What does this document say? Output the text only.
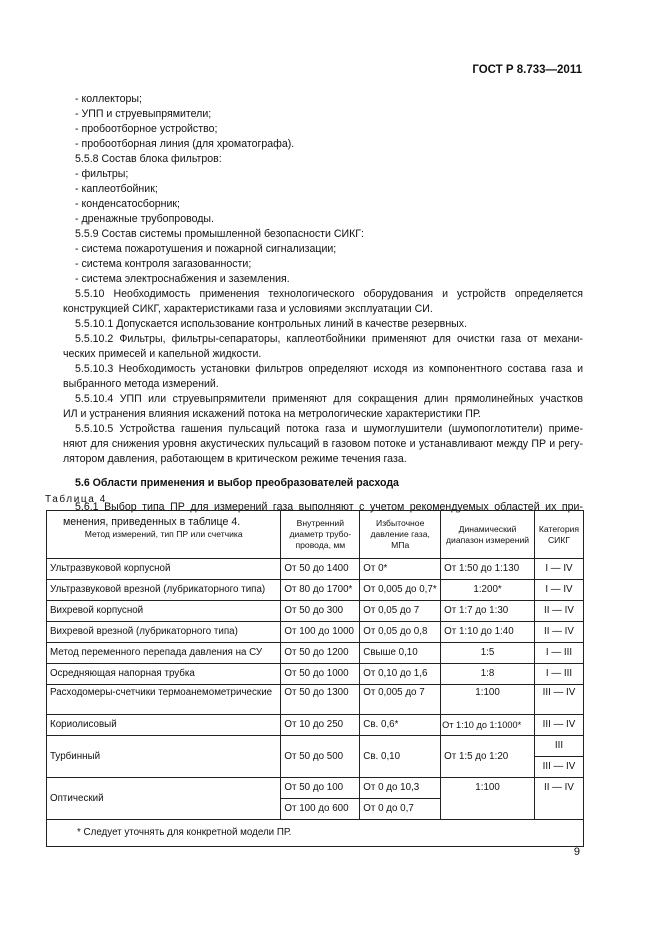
ГОСТ Р 8.733—2011
- коллекторы;
- УПП и струевыпрямители;
- пробоотборное устройство;
- пробоотборная линия (для хроматографа).
5.5.8 Состав блока фильтров:
- фильтры;
- каплеотбойник;
- конденсатосборник;
- дренажные трубопроводы.
5.5.9 Состав системы промышленной безопасности СИКГ:
- система пожаротушения и пожарной сигнализации;
- система контроля загазованности;
- система электроснабжения и заземления.
5.5.10 Необходимость применения технологического оборудования и устройств определяется
конструкцией СИКГ, характеристиками газа и условиями эксплуатации СИ.
5.5.10.1 Допускается использование контрольных линий в качестве резервных.
5.5.10.2 Фильтры, фильтры-сепараторы, каплеотбойники применяют для очистки газа от механи-
ческих примесей и капельной жидкости.
5.5.10.3 Необходимость установки фильтров определяют исходя из компонентного состава газа и
выбранного метода измерений.
5.5.10.4 УПП или струевыпрямители применяют для сокращения длин прямолинейных участков
ИЛ и устранения влияния искажений потока на метрологические характеристики ПР.
5.5.10.5 Устройства гашения пульсаций потока газа и шумоглушители (шумопоглотители) приме-
няют для снижения уровня акустических пульсаций в газовом потоке и устанавливают между ПР и регу-
лятором давления, работающем в критическом режиме течения газа.
5.6 Области применения и выбор преобразователей расхода
5.6.1 Выбор типа ПР для измерений газа выполняют с учетом рекомендуемых областей их при-
менения, приведенных в таблице 4.
Таблица 4
Метод измерений, тип ПР или счетчика	Внутренний диаметр трубо-провода, мм	Избыточное давление газа, МПа	Динамический диапазон измерений	Категория СИКГ
Ультразвуковой корпусной	От 50 до 1400	От 0*	От 1:50 до 1:130	I — IV
Ультразвуковой врезной (лубрикаторного типа)	От 80 до 1700*	От 0,005 до 0,7*	1:200*	I — IV
Вихревой корпусной	От 50 до 300	От 0,05 до 7	От 1:7 до 1:30	II — IV
Вихревой врезной (лубрикаторного типа)	От 100 до 1000	От 0,05 до 0,8	От 1:10 до 1:40	II — IV
Метод переменного перепада давления на СУ	От 50 до 1200	Свыше 0,10	1:5	I — III
Осредняющая напорная трубка	От 50 до 1000	От 0,10 до 1,6	1:8	I — III
Расходомеры-счетчики термоанемометрические	От 50 до 1300	От 0,005 до 7	1:100	III — IV
Кориолисовый	От 10 до 250	Св. 0,6*	От 1:10 до 1:1000*	III — IV
Турбинный	От 50 до 500	Св. 0,10	От 1:5 до 1:20	III
				III — IV
Оптический	От 50 до 100	От 0 до 10,3	1:100	II — IV
	От 100 до 600	От 0 до 0,7		
* Следует уточнять для конкретной модели ПР.				
9
